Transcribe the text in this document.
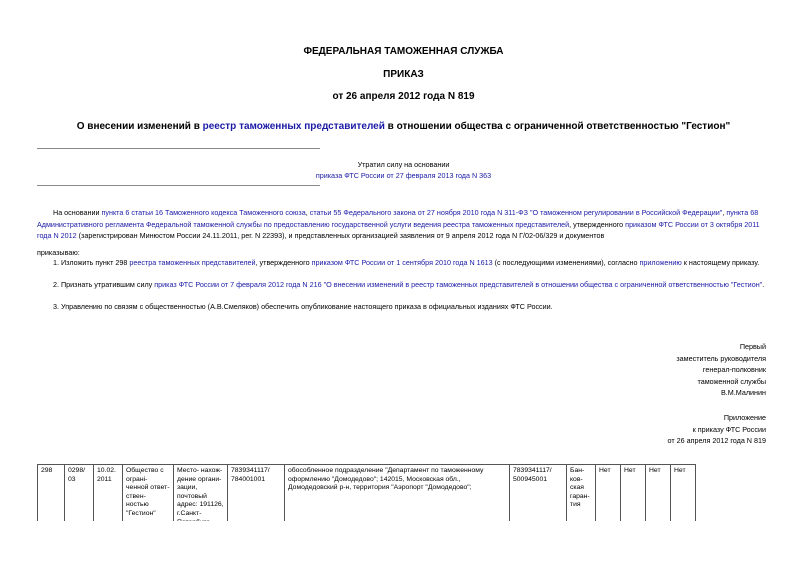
ФЕДЕРАЛЬНАЯ ТАМОЖЕННАЯ СЛУЖБА
ПРИКАЗ
от 26 апреля 2012 года N 819
О внесении изменений в реестр таможенных представителей в отношении общества с ограниченной ответственностью "Гестион"
Утратил силу на основании
приказа ФТС России от 27 февраля 2013 года N 363

На основании пункта 6 статьи 16 Таможенного кодекса Таможенного союза, статьи 55 Федерального закона от 27 ноября 2010 года N 311-ФЗ "О таможенном регулировании в Российской Федерации", пункта 68 Административного регламента Федеральной таможенной службы по предоставлению государственной услуги ведения реестра таможенных представителей, утвержденного приказом ФТС России от 3 октября 2011 года N 2012 (зарегистрирован Минюстом России 24.11.2011, рег. N 22393), и представленных организацией заявления от 9 апреля 2012 года N Г/02-06/329 и документов

приказываю:

1. Изложить пункт 298 реестра таможенных представителей, утвержденного приказом ФТС России от 1 сентября 2010 года N 1613 (с последующими изменениями), согласно приложению к настоящему приказу.

2. Признать утратившим силу приказ ФТС России от 7 февраля 2012 года N 216 "О внесении изменений в реестр таможенных представителей в отношении общества с ограниченной ответственностью "Гестион".

3. Управлению по связям с общественностью (А.В.Смеляков) обеспечить опубликование настоящего приказа в официальных изданиях ФТС России.

Первый
заместитель руководителя
генерал-полковник
таможенной службы
В.М.Малинин
Приложение
к приказу ФТС России
от 26 апреля 2012 года N 819
298	0298/ 03	10.02. 2011	Общество с огранi- ченной ответ- ствен- ностью "Гестион"	Место- нахож- дение органи- зации, почтовый адрес: 191126, г.Санкт-	7839341117/ 784001001	обособленное подразделение "Департамент по таможенному оформлению "Домодедово"; 142015, Московская обл., Домодедовский р-н, территория "Аэропорт "Домодедово";	7839341117/ 500945001	Бан- ков- ская гаран- тия	Нет	Нет	Нет	Нет
